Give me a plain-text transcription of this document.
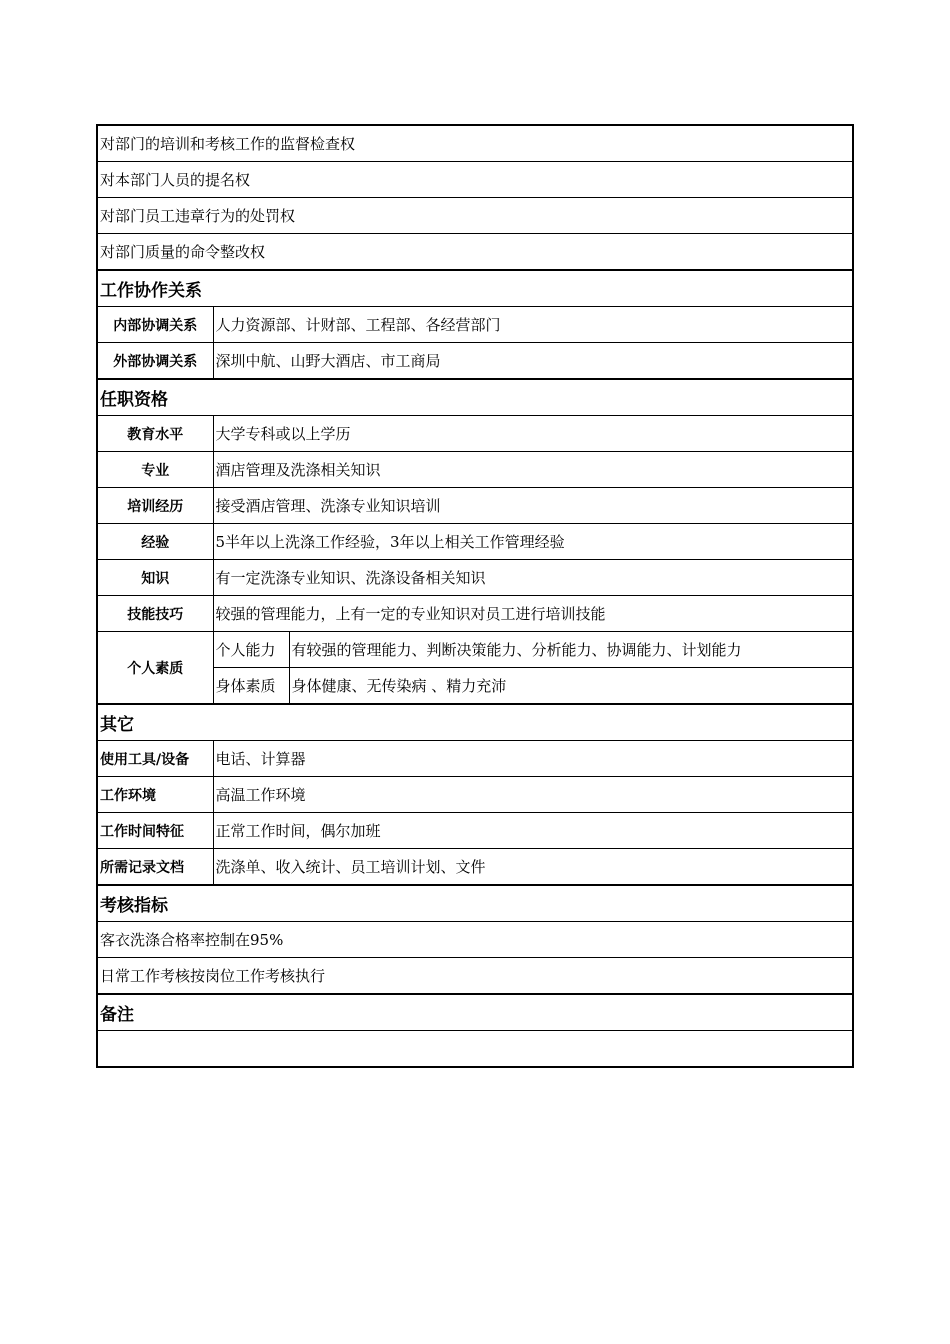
对部门的培训和考核工作的监督检查权		
对本部门人员的提名权		
对部门员工违章行为的处罚权		
对部门质量的命令整改权		
工作协作关系		
内部协调关系	人力资源部、计财部、工程部、各经营部门	
外部协调关系	深圳中航、山野大酒店、市工商局	
任职资格		
教育水平	大学专科或以上学历	
专业	酒店管理及洗涤相关知识	
培训经历	接受酒店管理、洗涤专业知识培训	
经验	5半年以上洗涤工作经验，3年以上相关工作管理经验	
知识	有一定洗涤专业知识、洗涤设备相关知识	
技能技巧	较强的管理能力，上有一定的专业知识对员工进行培训技能	
个人素质	个人能力	有较强的管理能力、判断决策能力、分析能力、协调能力、计划能力
	身体素质	身体健康、无传染病 、精力充沛
其它		
使用工具/设备	电话、计算器	
工作环境	高温工作环境	
工作时间特征	正常工作时间，偶尔加班	
所需记录文档	洗涤单、收入统计、员工培训计划、文件	
考核指标		
客衣洗涤合格率控制在95%		
日常工作考核按岗位工作考核执行		
备注		
